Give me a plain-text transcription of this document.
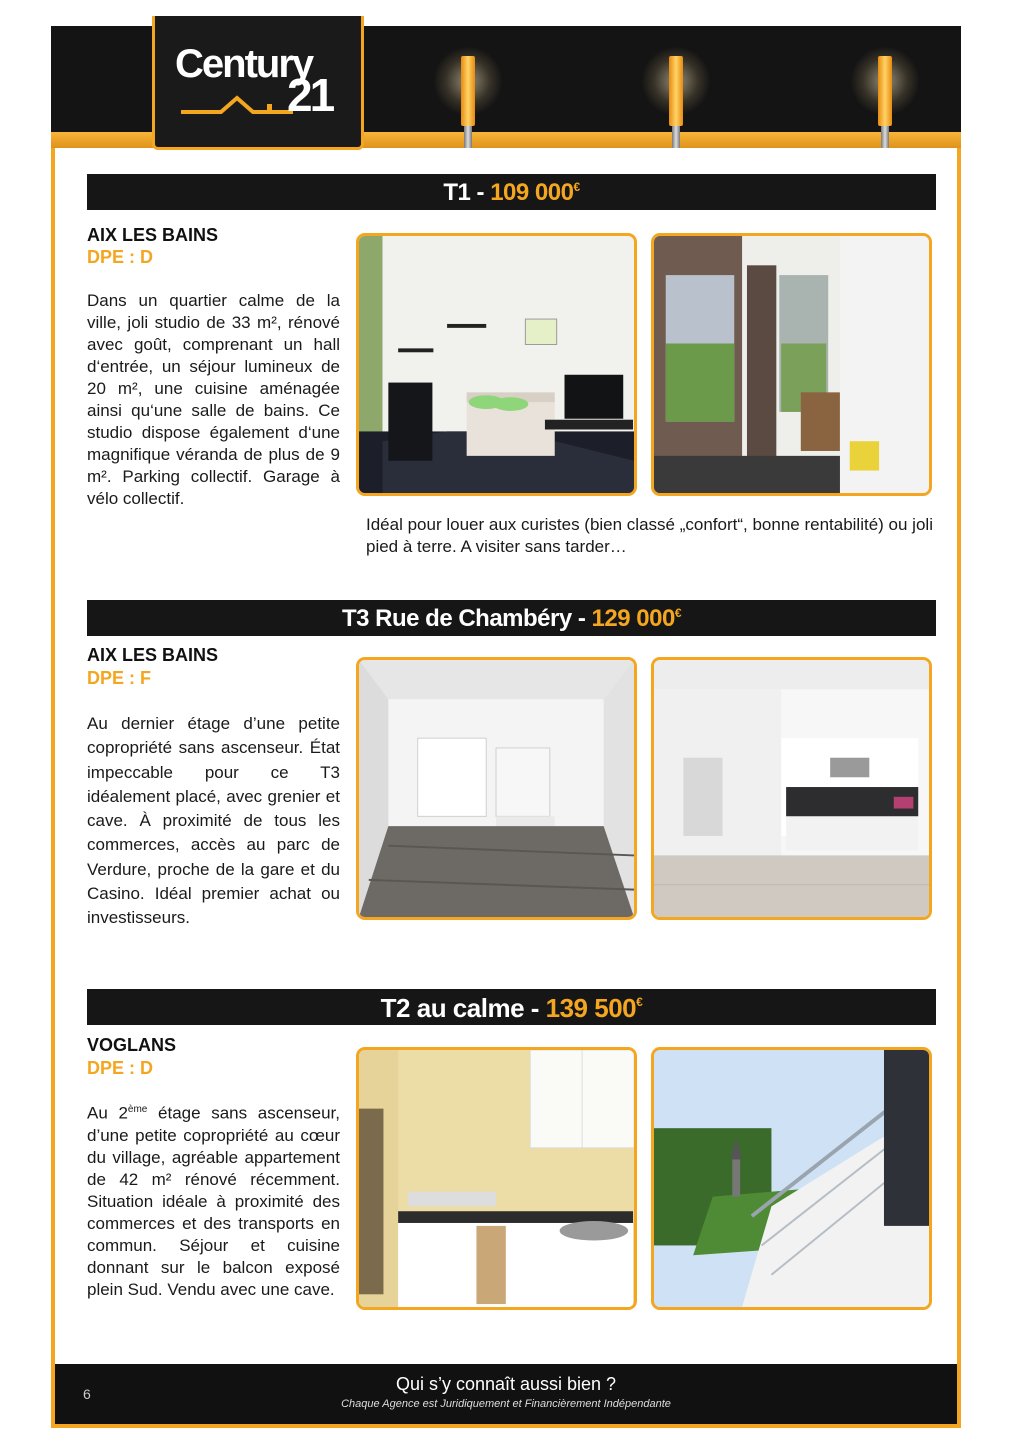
Century
21
T1 - 109 000€
AIX LES BAINS
DPE : D
Dans un quartier calme de la ville, joli studio de 33 m², rénové avec goût, comprenant un hall d‘entrée, un séjour lumineux de 20 m², une cuisine aménagée ainsi qu‘une salle de bains. Ce studio dispose également d‘une magnifique véranda de plus de 9 m². Parking collectif. Garage à vélo collectif.
Idéal pour louer aux curistes (bien classé „confort“, bonne rentabilité) ou joli pied à terre. A visiter sans tarder…
T3 Rue de Chambéry - 129 000€
AIX LES BAINS
DPE : F
Au dernier étage d’une petite copropriété sans ascenseur. État impeccable pour ce T3 idéalement placé, avec grenier et cave. À proximité de tous les commerces, accès au parc de Verdure, proche de la gare et du Casino. Idéal premier achat ou investisseurs.
T2 au calme - 139 500€
VOGLANS
DPE : D
Au 2ème étage sans ascenseur, d’une petite copropriété au cœur du village, agréable appartement de 42 m² rénové récemment. Situation idéale à proximité des commerces et des transports en commun. Séjour et cuisine donnant sur le balcon exposé plein Sud. Vendu avec une cave.
6	Qui s’y connaît aussi bien ?
Chaque Agence est Juridiquement et Financièrement Indépendante
